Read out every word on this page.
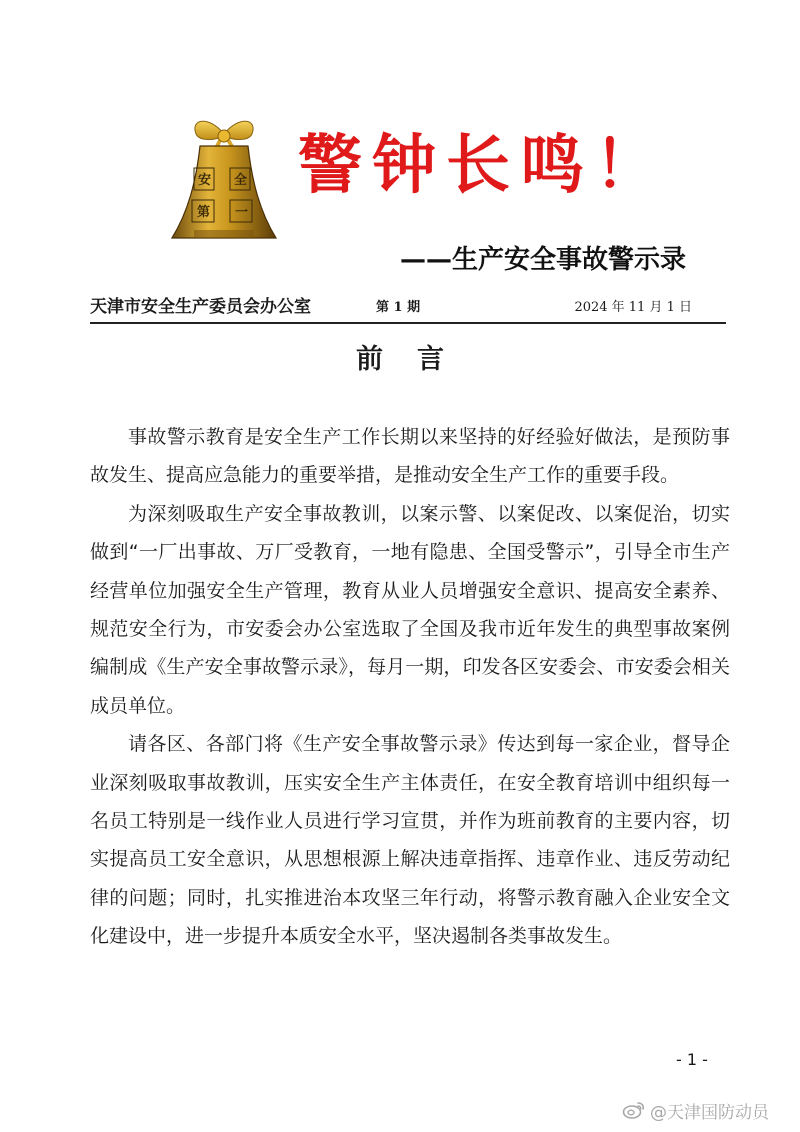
安 全
第 一
警钟长鸣！
——生产安全事故警示录
天津市安全生产委员会办公室	第 1 期	2024 年 11 月 1 日
前言

事故警示教育是安全生产工作长期以来坚持的好经验好做法，是预防事故发生、提高应急能力的重要举措，是推动安全生产工作的重要手段。

为深刻吸取生产安全事故教训，以案示警、以案促改、以案促治，切实做到“一厂出事故、万厂受教育，一地有隐患、全国受警示”，引导全市生产经营单位加强安全生产管理，教育从业人员增强安全意识、提高安全素养、规范安全行为，市安委会办公室选取了全国及我市近年发生的典型事故案例编制成《生产安全事故警示录》，每月一期，印发各区安委会、市安委会相关成员单位。

请各区、各部门将《生产安全事故警示录》传达到每一家企业，督导企业深刻吸取事故教训，压实安全生产主体责任，在安全教育培训中组织每一名员工特别是一线作业人员进行学习宣贯，并作为班前教育的主要内容，切实提高员工安全意识，从思想根源上解决违章指挥、违章作业、违反劳动纪律的问题；同时，扎实推进治本攻坚三年行动，将警示教育融入企业安全文化建设中，进一步提升本质安全水平，坚决遏制各类事故发生。

- 1 -
@天津国防动员
